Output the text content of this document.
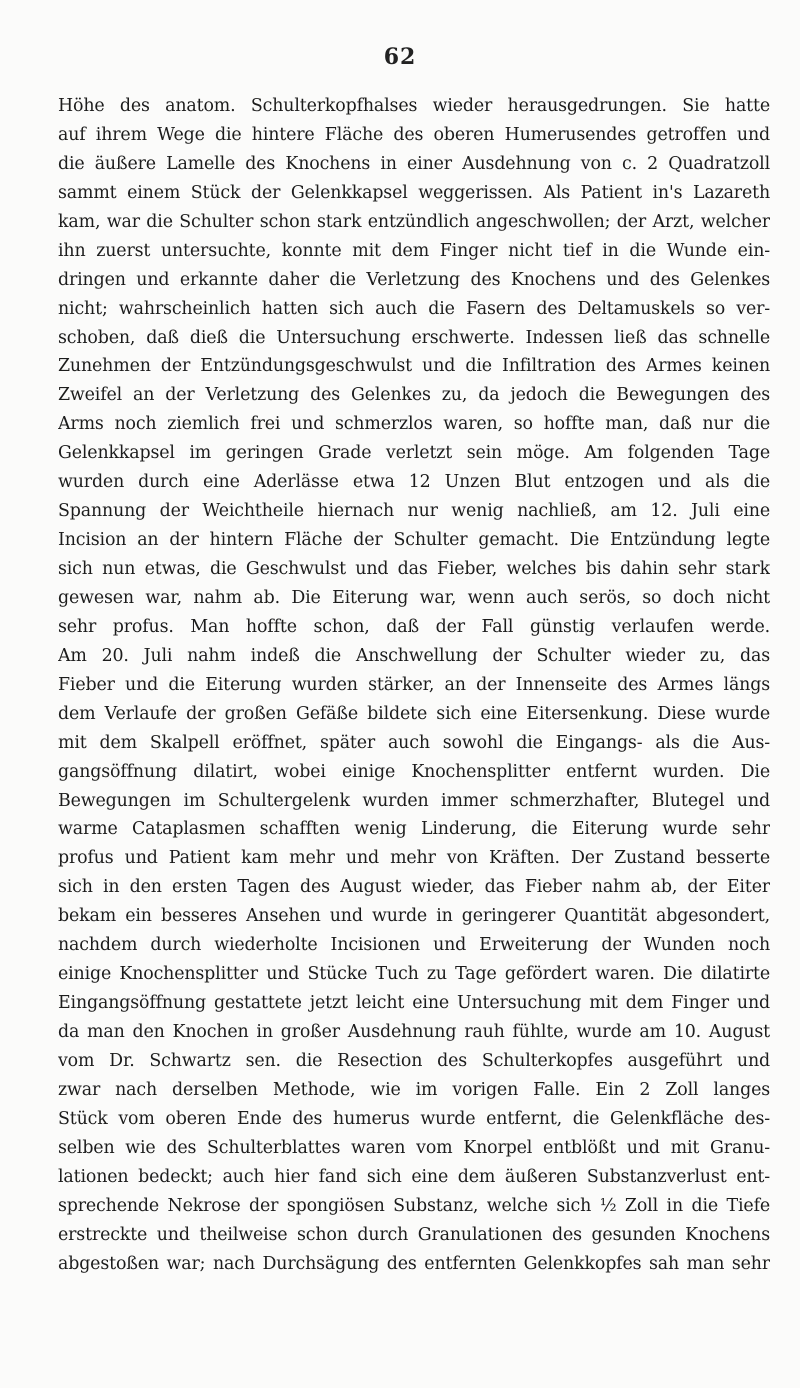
62
Höhe des anatom. Schulterkopfhalses wieder herausgedrungen. Sie hatte
auf ihrem Wege die hintere Fläche des oberen Humerusendes getroffen und
die äußere Lamelle des Knochens in einer Ausdehnung von c. 2 Quadratzoll
sammt einem Stück der Gelenkkapsel weggerissen. Als Patient in's Lazareth
kam, war die Schulter schon stark entzündlich angeschwollen; der Arzt, welcher
ihn zuerst untersuchte, konnte mit dem Finger nicht tief in die Wunde ein-
dringen und erkannte daher die Verletzung des Knochens und des Gelenkes
nicht; wahrscheinlich hatten sich auch die Fasern des Deltamuskels so ver-
schoben, daß dieß die Untersuchung erschwerte. Indessen ließ das schnelle
Zunehmen der Entzündungsgeschwulst und die Infiltration des Armes keinen
Zweifel an der Verletzung des Gelenkes zu, da jedoch die Bewegungen des
Arms noch ziemlich frei und schmerzlos waren, so hoffte man, daß nur die
Gelenkkapsel im geringen Grade verletzt sein möge. Am folgenden Tage
wurden durch eine Aderlässe etwa 12 Unzen Blut entzogen und als die
Spannung der Weichtheile hiernach nur wenig nachließ, am 12. Juli eine
Incision an der hintern Fläche der Schulter gemacht. Die Entzündung legte
sich nun etwas, die Geschwulst und das Fieber, welches bis dahin sehr stark
gewesen war, nahm ab. Die Eiterung war, wenn auch serös, so doch nicht
sehr profus. Man hoffte schon, daß der Fall günstig verlaufen werde.
Am 20. Juli nahm indeß die Anschwellung der Schulter wieder zu, das
Fieber und die Eiterung wurden stärker, an der Innenseite des Armes längs
dem Verlaufe der großen Gefäße bildete sich eine Eitersenkung. Diese wurde
mit dem Skalpell eröffnet, später auch sowohl die Eingangs- als die Aus-
gangsöffnung dilatirt, wobei einige Knochensplitter entfernt wurden. Die
Bewegungen im Schultergelenk wurden immer schmerzhafter, Blutegel und
warme Cataplasmen schafften wenig Linderung, die Eiterung wurde sehr
profus und Patient kam mehr und mehr von Kräften. Der Zustand besserte
sich in den ersten Tagen des August wieder, das Fieber nahm ab, der Eiter
bekam ein besseres Ansehen und wurde in geringerer Quantität abgesondert,
nachdem durch wiederholte Incisionen und Erweiterung der Wunden noch
einige Knochensplitter und Stücke Tuch zu Tage gefördert waren. Die dilatirte
Eingangsöffnung gestattete jetzt leicht eine Untersuchung mit dem Finger und
da man den Knochen in großer Ausdehnung rauh fühlte, wurde am 10. August
vom Dr. Schwartz sen. die Resection des Schulterkopfes ausgeführt und
zwar nach derselben Methode, wie im vorigen Falle. Ein 2 Zoll langes
Stück vom oberen Ende des humerus wurde entfernt, die Gelenkfläche des-
selben wie des Schulterblattes waren vom Knorpel entblößt und mit Granu-
lationen bedeckt; auch hier fand sich eine dem äußeren Substanzverlust ent-
sprechende Nekrose der spongiösen Substanz, welche sich ½ Zoll in die Tiefe
erstreckte und theilweise schon durch Granulationen des gesunden Knochens
abgestoßen war; nach Durchsägung des entfernten Gelenkkopfes sah man sehr
